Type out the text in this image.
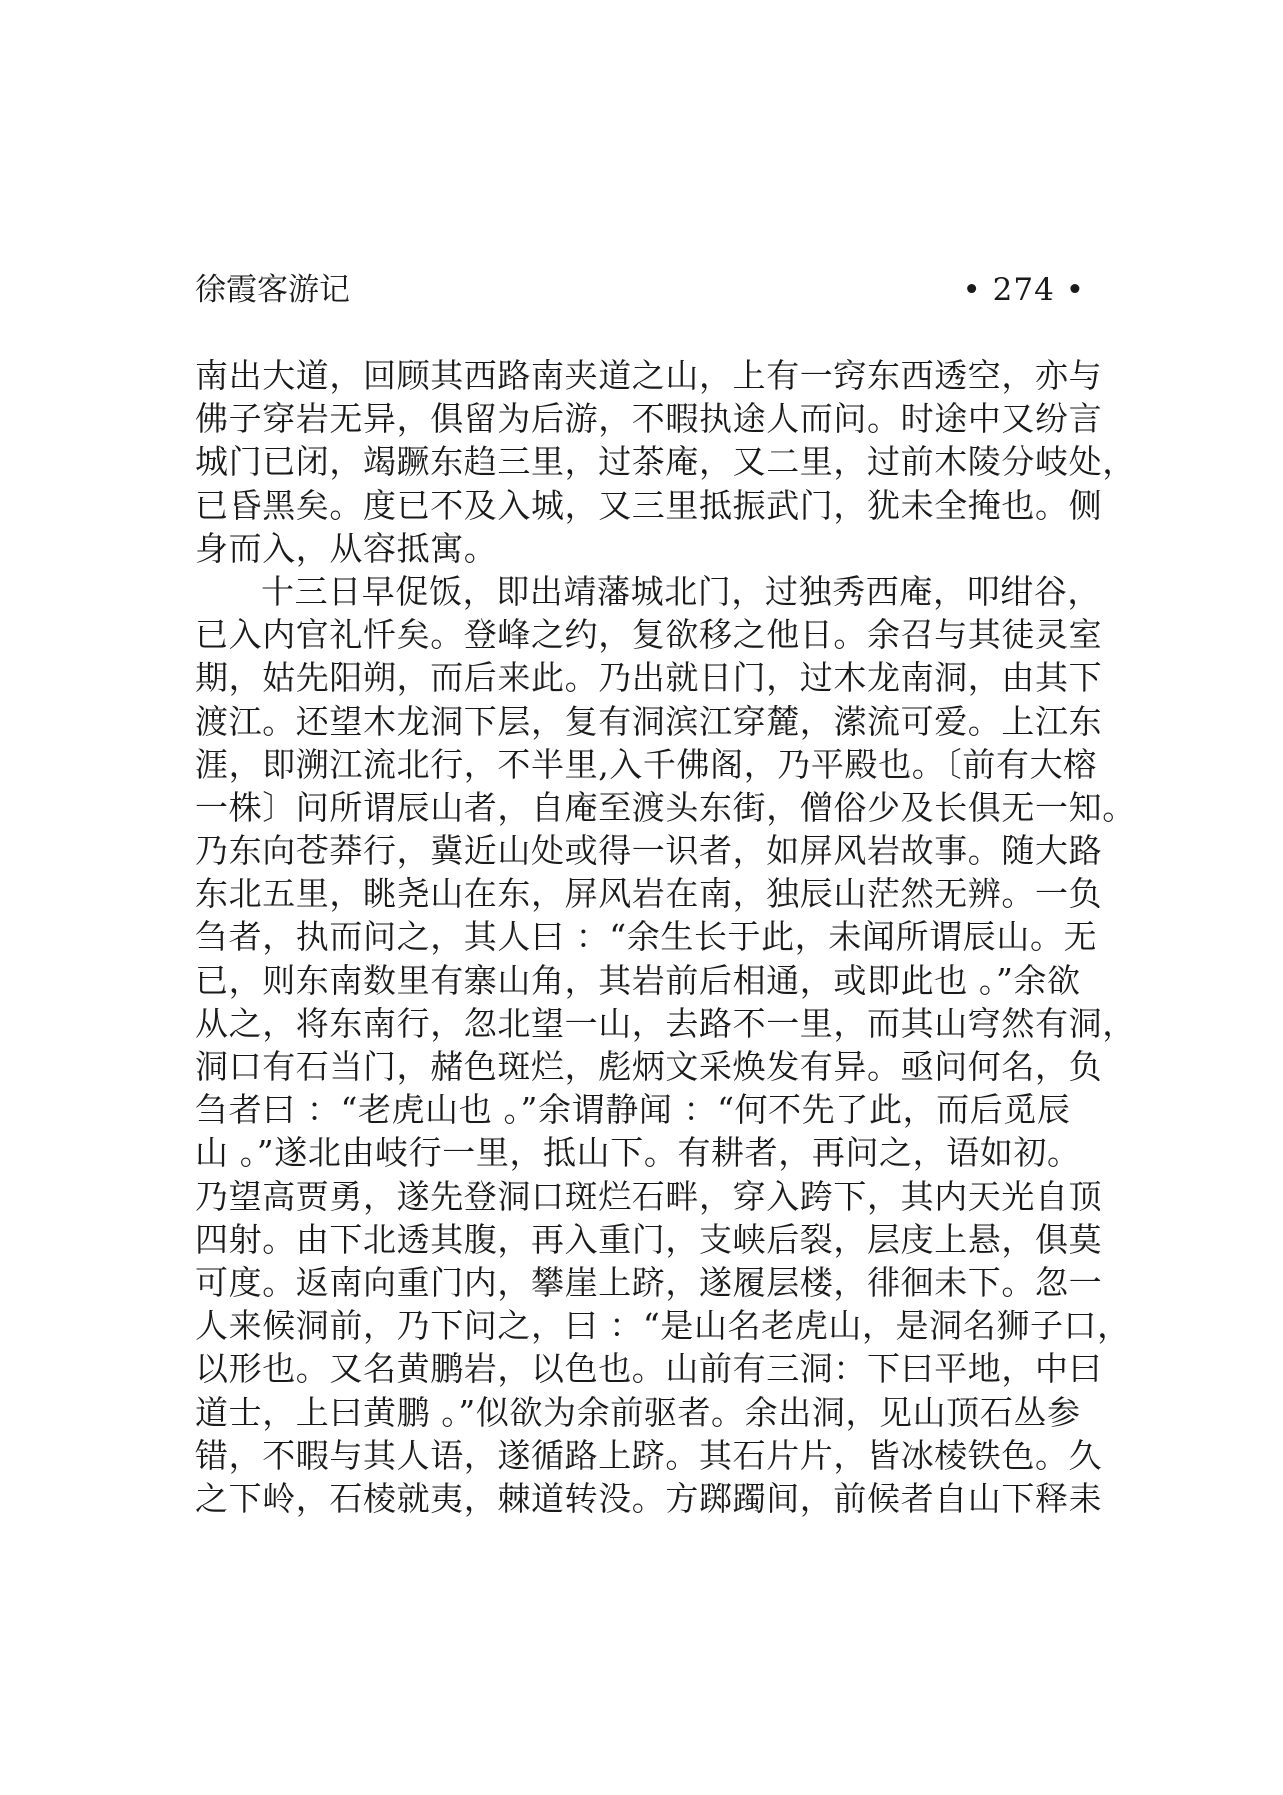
徐霞客游记	• 274 •
南出大道，回顾其西路南夹道之山，上有一窍东西透空，亦与
佛子穿岩无异，俱留为后游，不暇执途人而问。时途中又纷言
城门已闭，竭蹶东趋三里，过茶庵，又二里，过前木陵分岐处，
已昏黑矣。度已不及入城，又三里抵振武门，犹未全掩也。侧
身而入，从容抵寓。
十三日早促饭，即出靖藩城北门，过独秀西庵，叩绀谷，
已入内官礼忏矣。登峰之约，复欲移之他日。余召与其徒灵室
期，姑先阳朔，而后来此。乃出就日门，过木龙南洞，由其下
渡江。还望木龙洞下层，复有洞滨江穿麓，潆流可爱。上江东
涯，即溯江流北行，不半里,入千佛阁，乃平殿也。〔前有大榕
一株〕问所谓辰山者，自庵至渡头东街，僧俗少及长俱无一知。
乃东向苍莽行，冀近山处或得一识者，如屏风岩故事。随大路
东北五里，眺尧山在东，屏风岩在南，独辰山茫然无辨。一负
刍者，执而问之，其人曰 ：“余生长于此，未闻所谓辰山。无
已，则东南数里有寨山角，其岩前后相通，或即此也 。”余欲
从之，将东南行，忽北望一山，去路不一里，而其山穹然有洞，
洞口有石当门，赭色斑烂，彪炳文采焕发有异。亟问何名，负
刍者曰 ：“老虎山也 。”余谓静闻 ：“何不先了此，而后觅辰
山 。”遂北由岐行一里，抵山下。有耕者，再问之，语如初。
乃望高贾勇，遂先登洞口斑烂石畔，穿入跨下，其内天光自顶
四射。由下北透其腹，再入重门，支峡后裂，层庋上悬，俱莫
可度。返南向重门内，攀崖上跻，遂履层楼，徘徊未下。忽一
人来候洞前，乃下问之，曰 ：“是山名老虎山，是洞名狮子口，
以形也。又名黄鹏岩，以色也。山前有三洞：下曰平地，中曰
道士，上曰黄鹏 。”似欲为余前驱者。余出洞，见山顶石丛参
错，不暇与其人语，遂循路上跻。其石片片，皆冰棱铁色。久
之下岭，石棱就夷，棘道转没。方踯躅间，前候者自山下释耒
